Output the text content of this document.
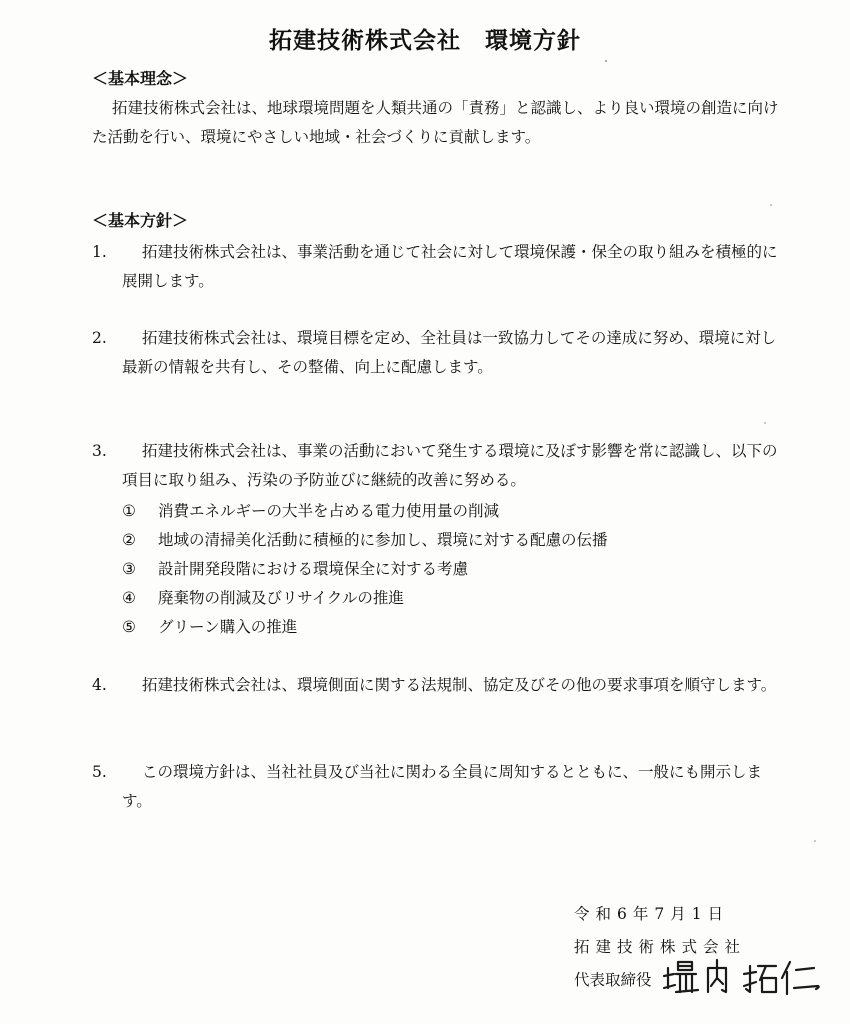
拓建技術株式会社　環境方針
＜基本理念＞
拓建技術株式会社は、地球環境問題を人類共通の「責務」と認識し、より良い環境の創造に向けた活動を行い、環境にやさしい地域・社会づくりに貢献します。
＜基本方針＞
1.	拓建技術株式会社は、事業活動を通じて社会に対して環境保護・保全の取り組みを積極的に展開します。
2.	拓建技術株式会社は、環境目標を定め、全社員は一致協力してその達成に努め、環境に対し最新の情報を共有し、その整備、向上に配慮します。
3.	拓建技術株式会社は、事業の活動において発生する環境に及ぼす影響を常に認識し、以下の項目に取り組み、汚染の予防並びに継続的改善に努める。
①	消費エネルギーの大半を占める電力使用量の削減
②	地域の清掃美化活動に積極的に参加し、環境に対する配慮の伝播
③	設計開発段階における環境保全に対する考慮
④	廃棄物の削減及びリサイクルの推進
⑤	グリーン購入の推進
4.	拓建技術株式会社は、環境側面に関する法規制、協定及びその他の要求事項を順守します。
5.	この環境方針は、当社社員及び当社に関わる全員に周知するとともに、一般にも開示します。
令和6年7月1日
拓建技術株式会社
代表取締役
